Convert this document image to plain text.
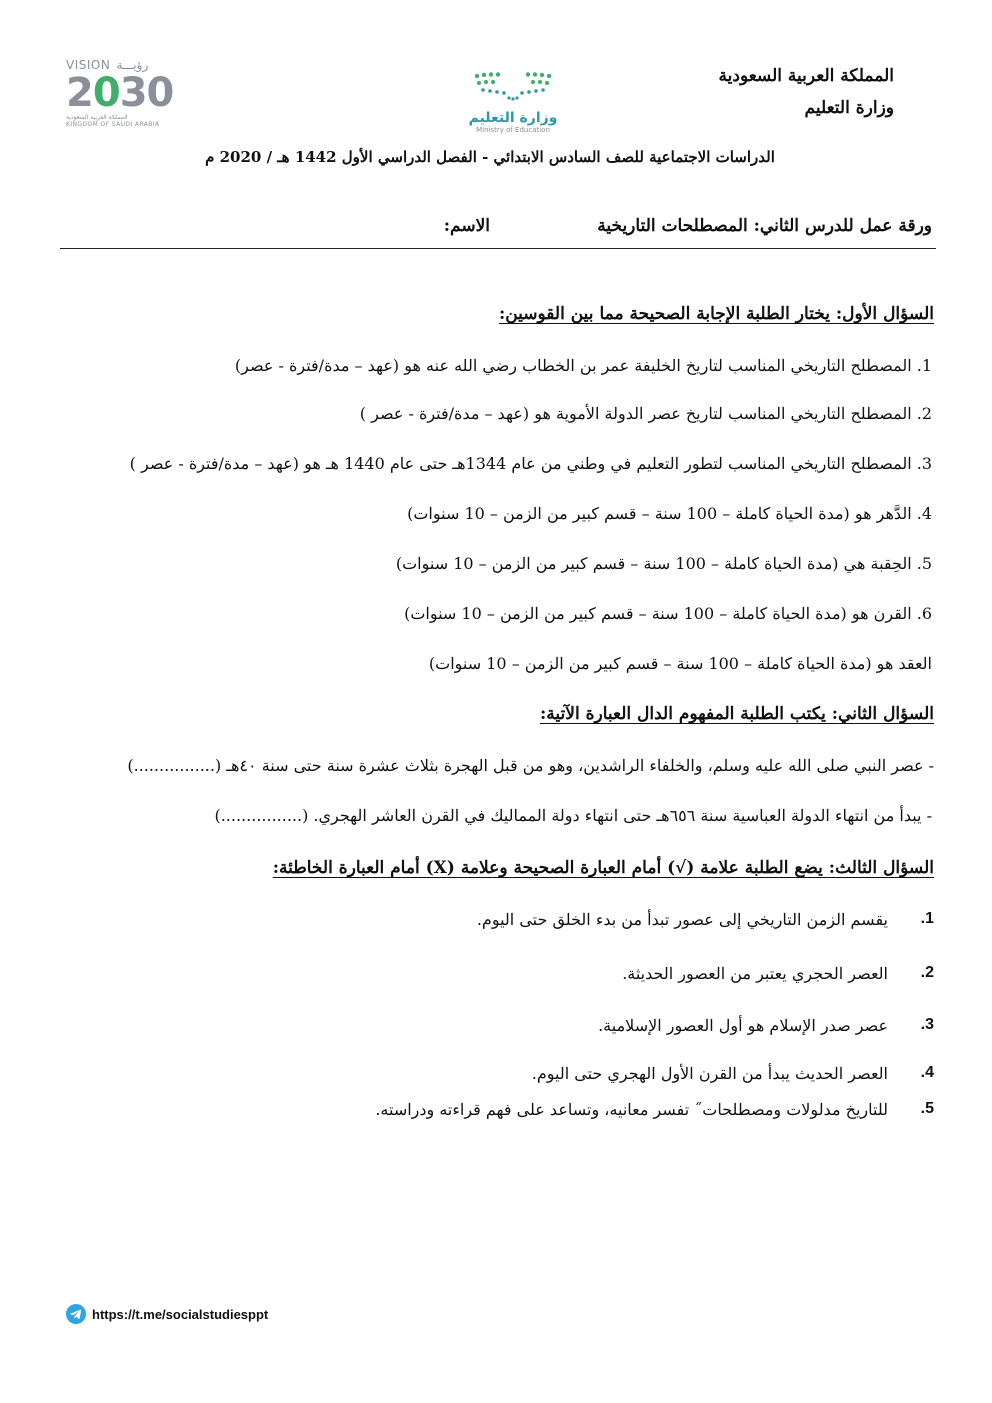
المملكة العربية السعودية
وزارة التعليم
وزارة التعليم
Ministry of Education
VISION رؤيـــة
2030
المملكة العربية السعودية
KINGDOM OF SAUDI ARABIA
الدراسات الاجتماعية للصف السادس الابتدائي - الفصل الدراسي الأول 1442 هـ / 2020 م
ورقة عمل للدرس الثاني: المصطلحات التاريخية
الاسم:
السؤال الأول: يختار الطلبة الإجابة الصحيحة مما بين القوسين:
1. المصطلح التاريخي المناسب لتاريخ الخليفة عمر بن الخطاب رضي الله عنه هو (عهد – مدة/فترة - عصر)
2. المصطلح التاريخي المناسب لتاريخ عصر الدولة الأموية هو (عهد – مدة/فترة - عصر )
3. المصطلح التاريخي المناسب لتطور التعليم في وطني من عام 1344هـ حتى عام 1440 هـ هو (عهد – مدة/فترة - عصر )
4. الدَّهر هو (مدة الحياة كاملة – 100 سنة – قسم كبير من الزمن – 10 سنوات)
5. الحِقبة هي (مدة الحياة كاملة – 100 سنة – قسم كبير من الزمن – 10 سنوات)
6. القرن هو (مدة الحياة كاملة – 100 سنة – قسم كبير من الزمن – 10 سنوات)
العقد هو (مدة الحياة كاملة – 100 سنة – قسم كبير من الزمن – 10 سنوات)
السؤال الثاني: يكتب الطلبة المفهوم الدال العبارة الآتية:
- عصر النبي صلى الله عليه وسلم، والخلفاء الراشدين، وهو من قبل الهجرة بثلاث عشرة سنة حتى سنة ٤٠هـ (................)
- يبدأ من انتهاء الدولة العباسية سنة ٦٥٦هـ حتى انتهاء دولة المماليك في القرن العاشر الهجري. (................)
السؤال الثالث: يضع الطلبة علامة (√) أمام العبارة الصحيحة وعلامة (X) أمام العبارة الخاطئة:
.1
يقسم الزمن التاريخي إلى عصور تبدأ من بدء الخلق حتى اليوم.
.2
العصر الحجري يعتبر من العصور الحديثة.
.3
عصر صدر الإسلام هو أول العصور الإسلامية.
.4
العصر الحديث يبدأ من القرن الأول الهجري حتى اليوم.
.5
للتاريخ مدلولات ومصطلحات˝ تفسر معانيه، وتساعد على فهم قراءته ودراسته.
https://t.me/socialstudiesppt
